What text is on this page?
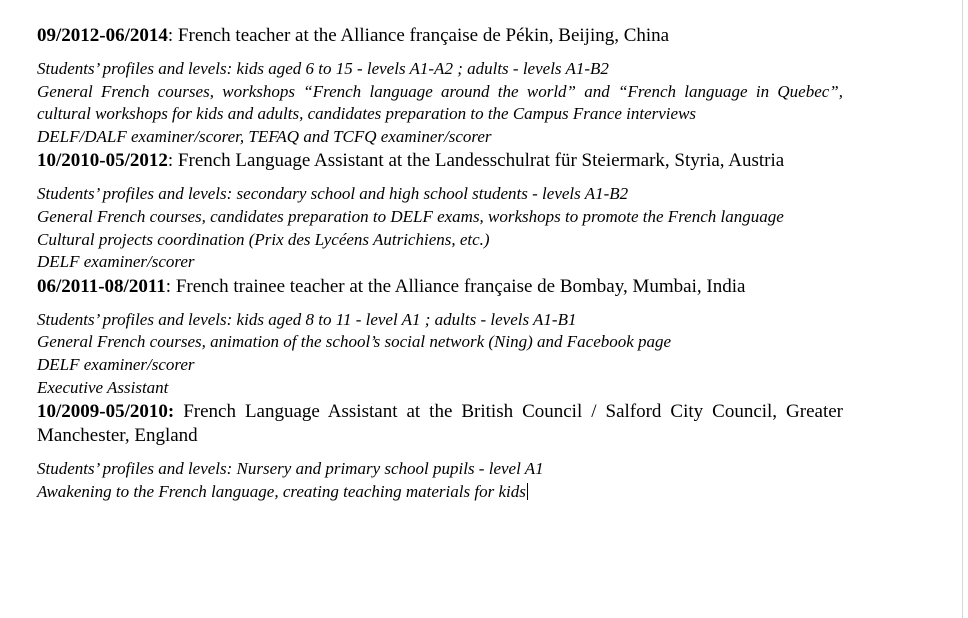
09/2012-06/2014: French teacher at the Alliance française de Pékin, Beijing, China

Students’ profiles and levels: kids aged 6 to 15 - levels A1-A2 ; adults - levels A1-B2

General French courses, workshops “French language around the world” and “French language in Quebec”, cultural workshops for kids and adults, candidates preparation to the Campus France interviews

DELF/DALF examiner/scorer, TEFAQ and TCFQ examiner/scorer

10/2010-05/2012: French Language Assistant at the Landesschulrat für Steiermark, Styria, Austria

Students’ profiles and levels: secondary school and high school students - levels A1-B2

General French courses, candidates preparation to DELF exams, workshops to promote the French language

Cultural projects coordination (Prix des Lycéens Autrichiens, etc.)

DELF examiner/scorer

06/2011-08/2011: French trainee teacher at the Alliance française de Bombay, Mumbai, India

Students’ profiles and levels: kids aged 8 to 11 - level A1 ; adults - levels A1-B1

General French courses, animation of the school’s social network (Ning) and Facebook page

DELF examiner/scorer

Executive Assistant

10/2009-05/2010: French Language Assistant at the British Council / Salford City Council, Greater Manchester, England

Students’ profiles and levels: Nursery and primary school pupils - level A1

Awakening to the French language, creating teaching materials for kids
